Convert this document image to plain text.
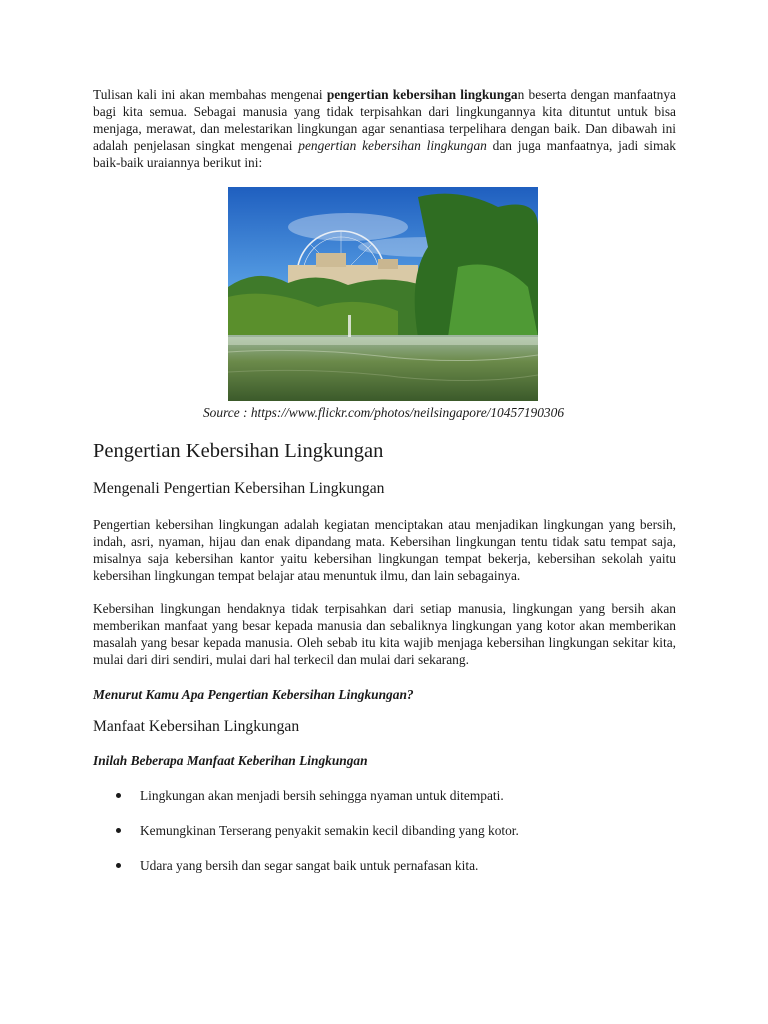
Tulisan kali ini akan membahas mengenai pengertian kebersihan lingkungan beserta dengan manfaatnya bagi kita semua. Sebagai manusia yang tidak terpisahkan dari lingkungannya kita dituntut untuk bisa menjaga, merawat, dan melestarikan lingkungan agar senantiasa terpelihara dengan baik. Dan dibawah ini adalah penjelasan singkat mengenai pengertian kebersihan lingkungan dan juga manfaatnya, jadi simak baik-baik uraiannya berikut ini:

Source : https://www.flickr.com/photos/neilsingapore/10457190306

Pengertian Kebersihan Lingkungan
Mengenali Pengertian Kebersihan Lingkungan

Pengertian kebersihan lingkungan adalah kegiatan menciptakan atau menjadikan lingkungan yang bersih, indah, asri, nyaman, hijau dan enak dipandang mata. Kebersihan lingkungan tentu tidak satu tempat saja, misalnya saja kebersihan kantor yaitu kebersihan lingkungan tempat bekerja, kebersihan sekolah yaitu kebersihan lingkungan tempat belajar atau menuntuk ilmu, dan lain sebagainya.

Kebersihan lingkungan hendaknya tidak terpisahkan dari setiap manusia, lingkungan yang bersih akan memberikan manfaat yang besar kepada manusia dan sebaliknya lingkungan yang kotor akan memberikan masalah yang besar kepada manusia. Oleh sebab itu kita wajib menjaga kebersihan lingkungan sekitar kita, mulai dari diri sendiri, mulai dari hal terkecil dan mulai dari sekarang.

Menurut Kamu Apa Pengertian Kebersihan Lingkungan?

Manfaat Kebersihan Lingkungan

Inilah Beberapa Manfaat Keberihan Lingkungan

Lingkungan akan menjadi bersih sehingga nyaman untuk ditempati.
Kemungkinan Terserang penyakit semakin kecil dibanding yang kotor.
Udara yang bersih dan segar sangat baik untuk pernafasan kita.
